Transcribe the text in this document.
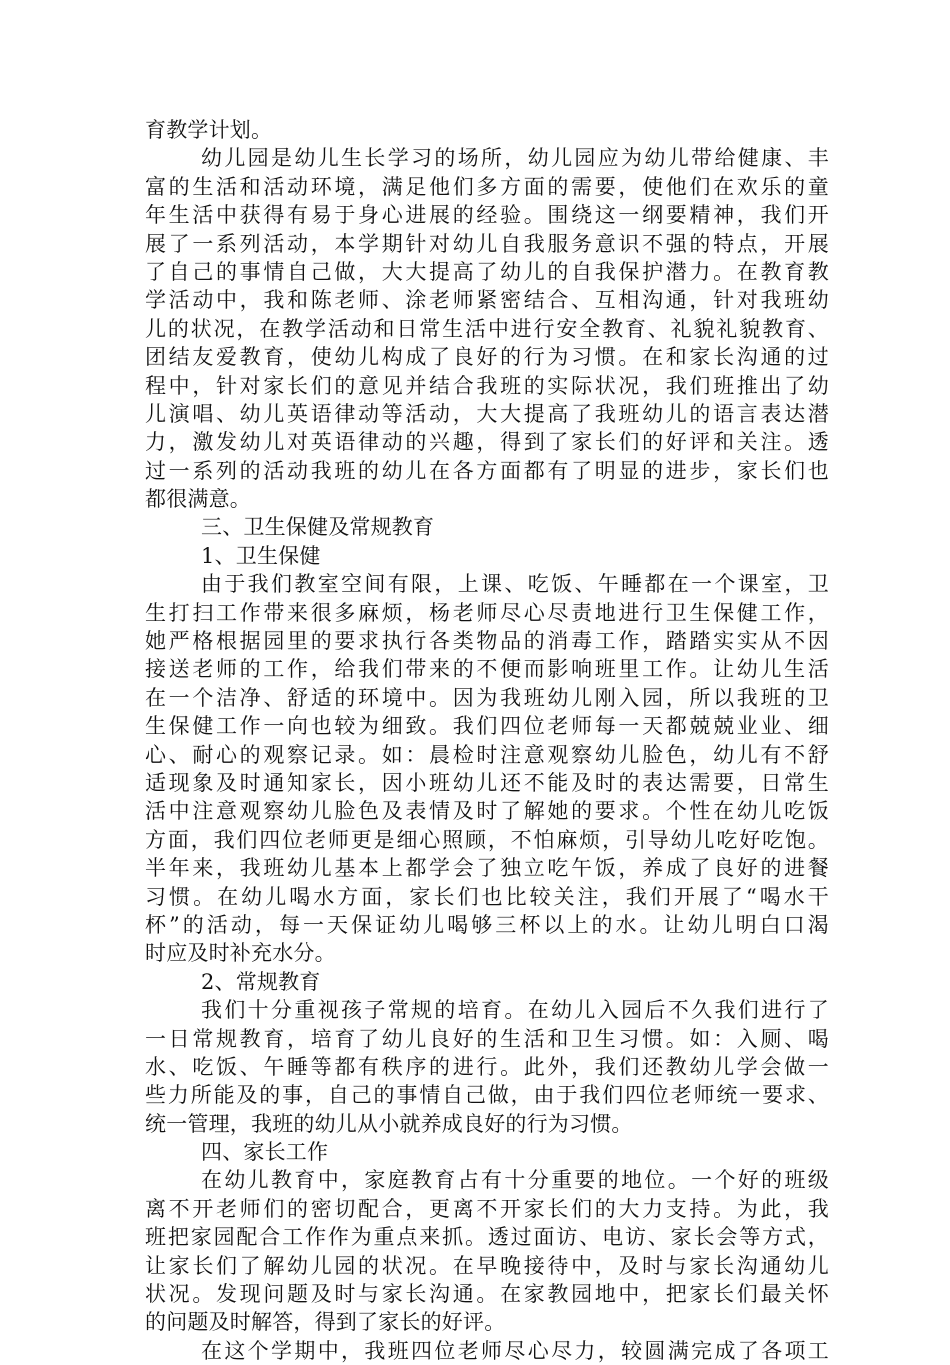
育教学计划。
幼儿园是幼儿生长学习的场所，幼儿园应为幼儿带给健康、丰
富的生活和活动环境，满足他们多方面的需要，使他们在欢乐的童
年生活中获得有易于身心进展的经验。围绕这一纲要精神，我们开
展了一系列活动，本学期针对幼儿自我服务意识不强的特点，开展
了自己的事情自己做，大大提高了幼儿的自我保护潜力。在教育教
学活动中，我和陈老师、涂老师紧密结合、互相沟通，针对我班幼
儿的状况，在教学活动和日常生活中进行安全教育、礼貌礼貌教育、
团结友爱教育，使幼儿构成了良好的行为习惯。在和家长沟通的过
程中，针对家长们的意见并结合我班的实际状况，我们班推出了幼
儿演唱、幼儿英语律动等活动，大大提高了我班幼儿的语言表达潜
力，激发幼儿对英语律动的兴趣，得到了家长们的好评和关注。透
过一系列的活动我班的幼儿在各方面都有了明显的进步，家长们也
都很满意。
三、卫生保健及常规教育
1、卫生保健
由于我们教室空间有限，上课、吃饭、午睡都在一个课室，卫
生打扫工作带来很多麻烦，杨老师尽心尽责地进行卫生保健工作，
她严格根据园里的要求执行各类物品的消毒工作，踏踏实实从不因
接送老师的工作，给我们带来的不便而影响班里工作。让幼儿生活
在一个洁净、舒适的环境中。因为我班幼儿刚入园，所以我班的卫
生保健工作一向也较为细致。我们四位老师每一天都兢兢业业、细
心、耐心的观察记录。如：晨检时注意观察幼儿脸色，幼儿有不舒
适现象及时通知家长，因小班幼儿还不能及时的表达需要，日常生
活中注意观察幼儿脸色及表情及时了解她的要求。个性在幼儿吃饭
方面，我们四位老师更是细心照顾，不怕麻烦，引导幼儿吃好吃饱。
半年来，我班幼儿基本上都学会了独立吃午饭，养成了良好的进餐
习惯。在幼儿喝水方面，家长们也比较关注，我们开展了“喝水干
杯”的活动，每一天保证幼儿喝够三杯以上的水。让幼儿明白口渴
时应及时补充水分。
2、常规教育
我们十分重视孩子常规的培育。在幼儿入园后不久我们进行了
一日常规教育，培育了幼儿良好的生活和卫生习惯。如：入厕、喝
水、吃饭、午睡等都有秩序的进行。此外，我们还教幼儿学会做一
些力所能及的事，自己的事情自己做，由于我们四位老师统一要求、
统一管理，我班的幼儿从小就养成良好的行为习惯。
四、家长工作
在幼儿教育中，家庭教育占有十分重要的地位。一个好的班级
离不开老师们的密切配合，更离不开家长们的大力支持。为此，我
班把家园配合工作作为重点来抓。透过面访、电访、家长会等方式，
让家长们了解幼儿园的状况。在早晚接待中，及时与家长沟通幼儿
状况。发现问题及时与家长沟通。在家教园地中，把家长们最关怀
的问题及时解答，得到了家长的好评。
在这个学期中，我班四位老师尽心尽力，较圆满完成了各项工
